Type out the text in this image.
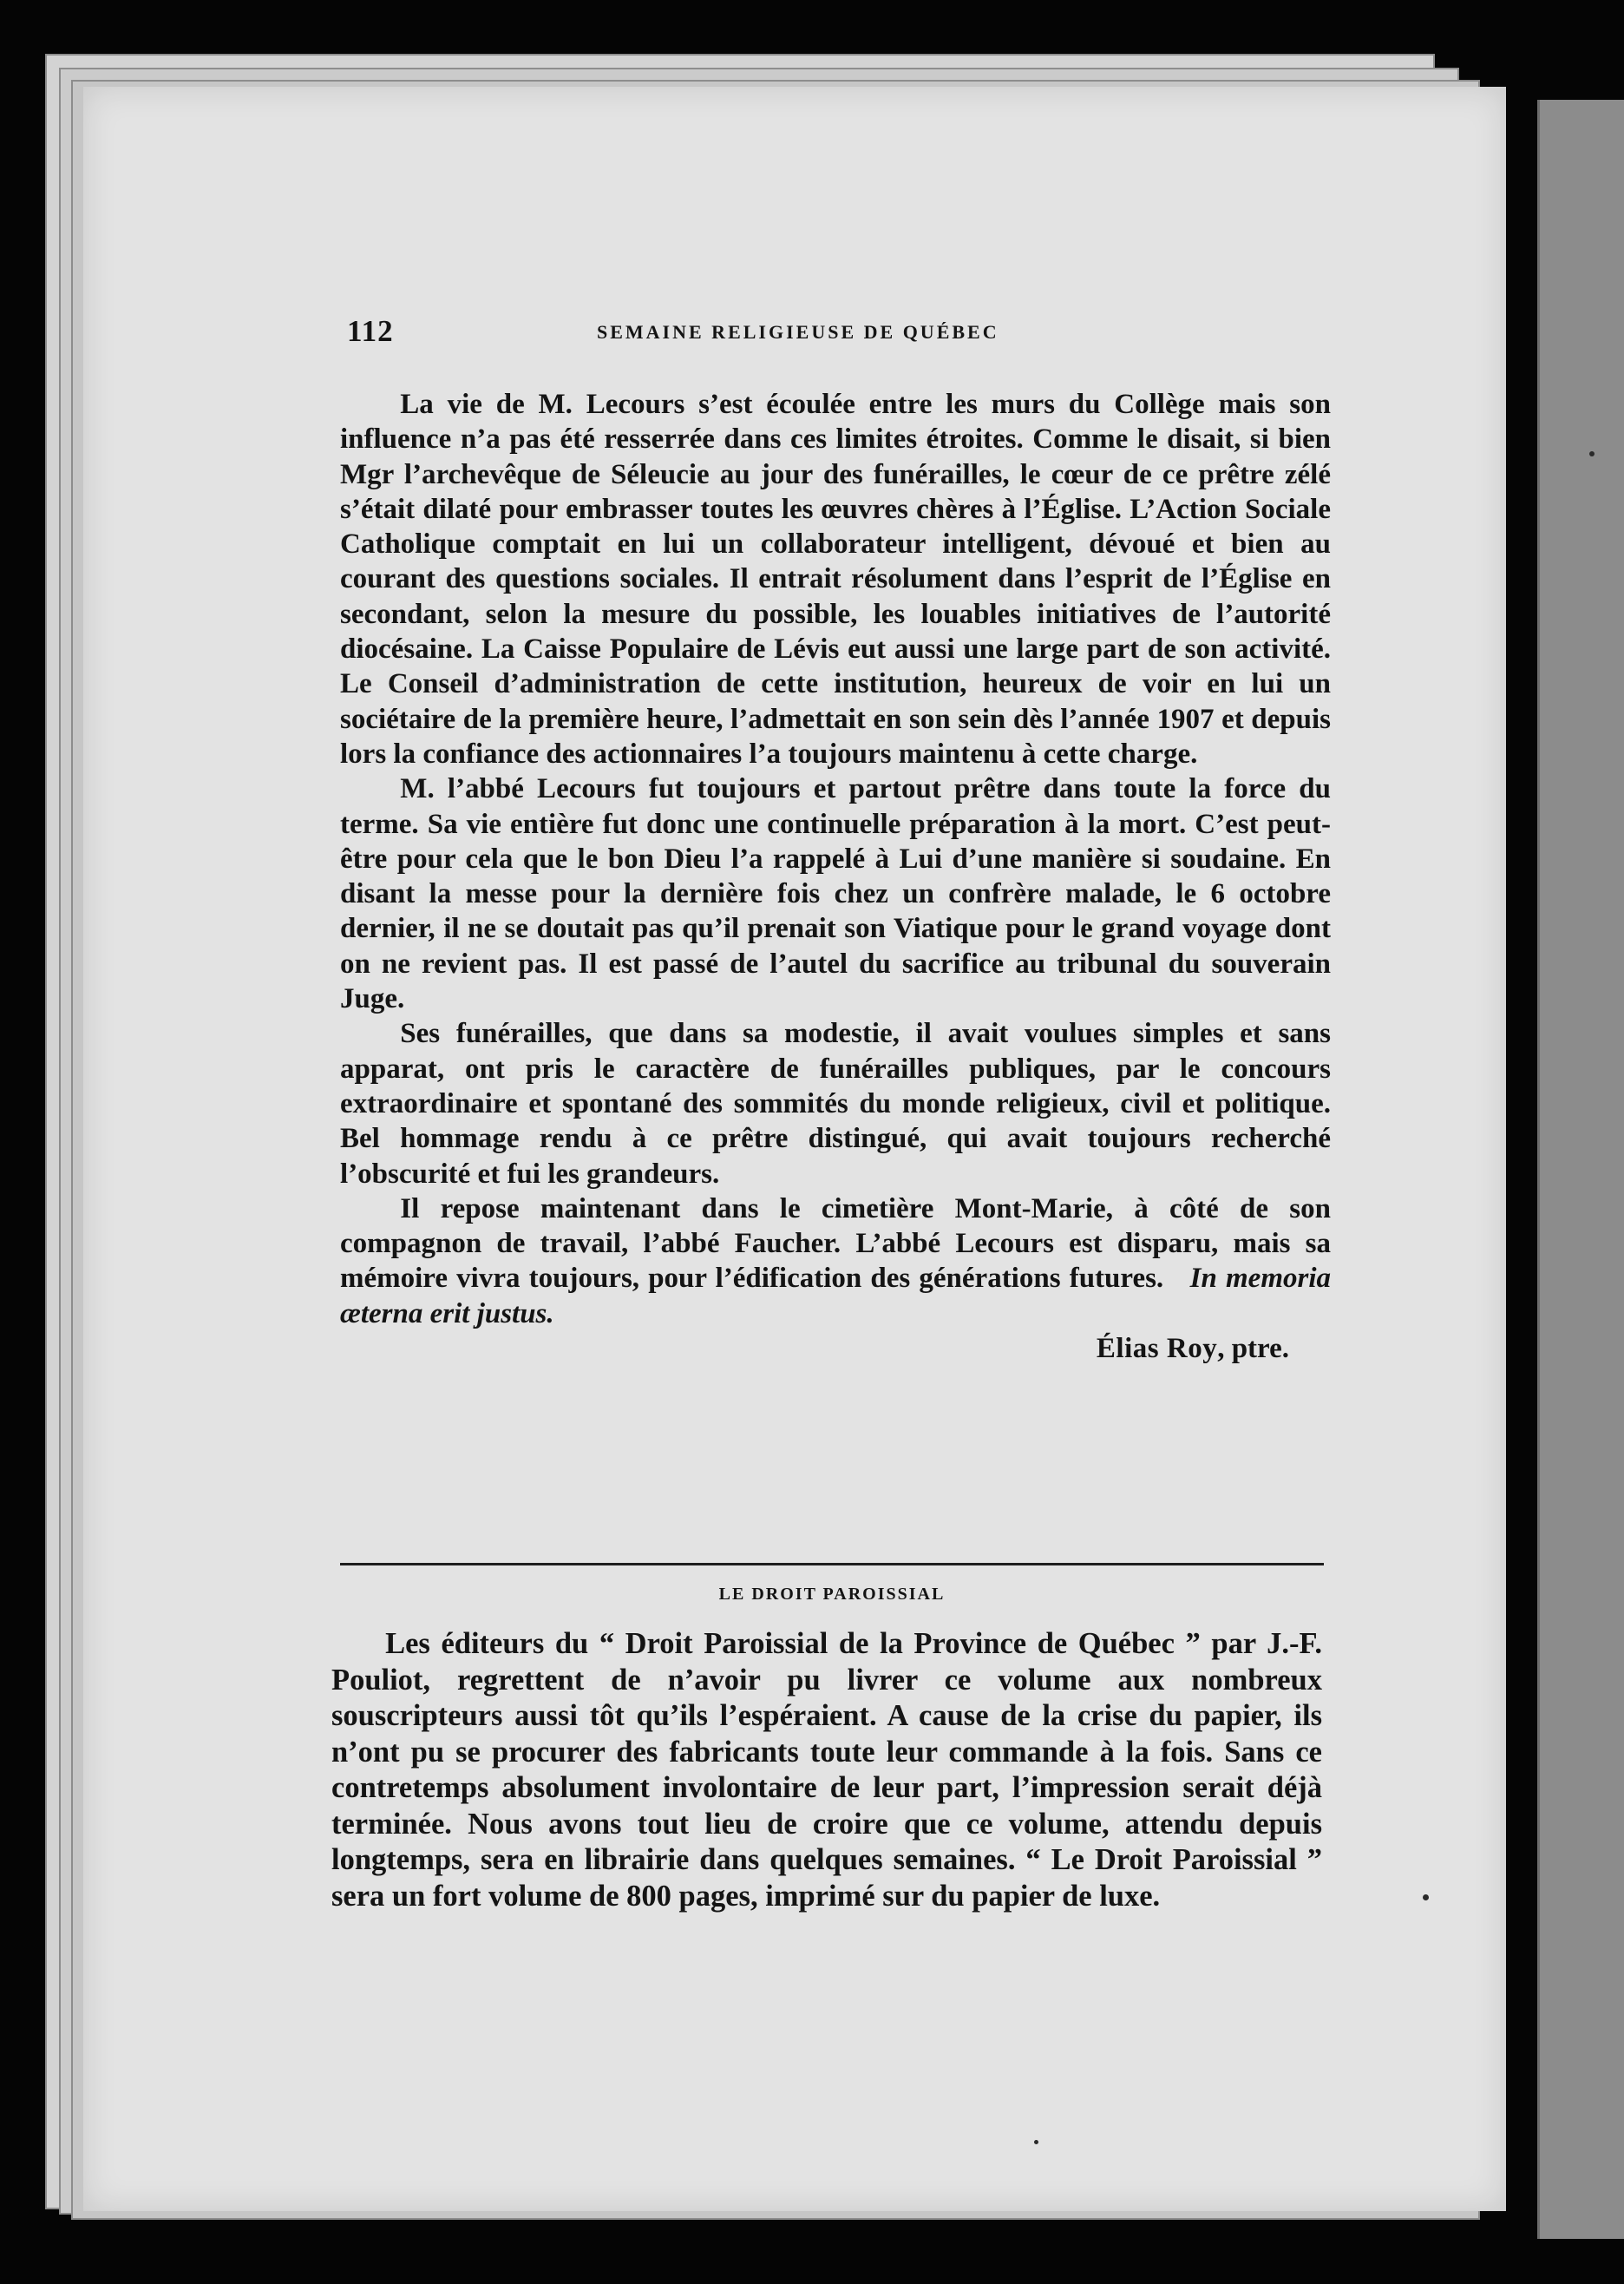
112	SEMAINE RELIGIEUSE DE QUÉBEC

La vie de M. Lecours s’est écoulée entre les murs du Collège mais son influence n’a pas été resserrée dans ces limites étroites. Comme le disait, si bien Mgr l’archevêque de Séleucie au jour des funérailles, le cœur de ce prêtre zélé s’était dilaté pour embrasser toutes les œuvres chères à l’Église. L’Action Sociale Catholique comptait en lui un collaborateur intelligent, dévoué et bien au courant des questions sociales. Il entrait résolument dans l’esprit de l’Église en secondant, selon la mesure du possible, les louables initiatives de l’autorité diocésaine. La Caisse Populaire de Lévis eut aussi une large part de son activité. Le Conseil d’administration de cette institution, heureux de voir en lui un sociétaire de la première heure, l’admettait en son sein dès l’année 1907 et depuis lors la confiance des actionnaires l’a toujours maintenu à cette charge.

M. l’abbé Lecours fut toujours et partout prêtre dans toute la force du terme. Sa vie entière fut donc une continuelle préparation à la mort. C’est peut-être pour cela que le bon Dieu l’a rappelé à Lui d’une manière si soudaine. En disant la messe pour la dernière fois chez un confrère malade, le 6 octobre dernier, il ne se doutait pas qu’il prenait son Viatique pour le grand voyage dont on ne revient pas. Il est passé de l’autel du sacrifice au tribunal du souverain Juge.

Ses funérailles, que dans sa modestie, il avait voulues simples et sans apparat, ont pris le caractère de funérailles publiques, par le concours extraordinaire et spontané des sommités du monde religieux, civil et politique. Bel hommage rendu à ce prêtre distingué, qui avait toujours recherché l’obscurité et fui les grandeurs.

Il repose maintenant dans le cimetière Mont-Marie, à côté de son compagnon de travail, l’abbé Faucher. L’abbé Lecours est disparu, mais sa mémoire vivra toujours, pour l’édification des générations futures. In memoria æterna erit justus.

Élias Roy, ptre.

LE DROIT PAROISSIAL

Les éditeurs du “ Droit Paroissial de la Province de Québec ” par J.-F. Pouliot, regrettent de n’avoir pu livrer ce volume aux nombreux souscripteurs aussi tôt qu’ils l’espéraient. A cause de la crise du papier, ils n’ont pu se procurer des fabricants toute leur commande à la fois. Sans ce contretemps absolument involontaire de leur part, l’impression serait déjà terminée. Nous avons tout lieu de croire que ce volume, attendu depuis longtemps, sera en librairie dans quelques semaines. “ Le Droit Paroissial ” sera un fort volume de 800 pages, imprimé sur du papier de luxe.
